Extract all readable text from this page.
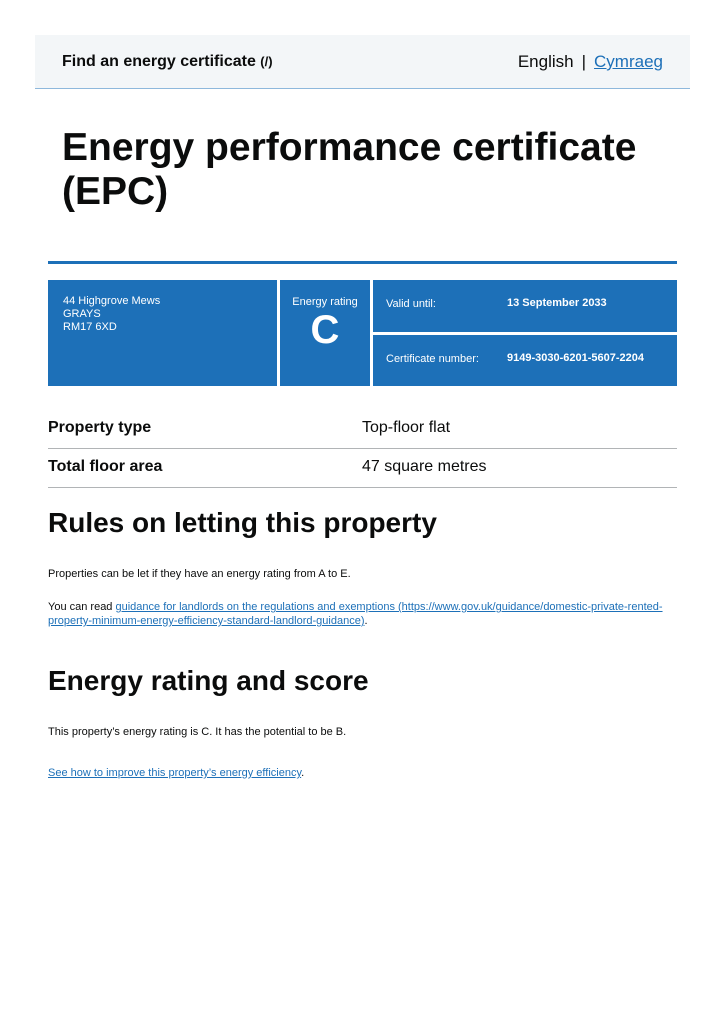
Find an energy certificate (/)	English | Cymraeg
Energy performance certificate (EPC)
44 Highgrove Mews
GRAYS
RM17 6XD
Energy rating
C
Valid until:	13 September 2033
Certificate number:	9149-3030-6201-5607-2204
Property type	Top-floor flat
Total floor area	47 square metres
Rules on letting this property

Properties can be let if they have an energy rating from A to E.

You can read guidance for landlords on the regulations and exemptions (https://www.gov.uk/guidance/domestic-private-rented-property-minimum-energy-efficiency-standard-landlord-guidance).

Energy rating and score

This property’s energy rating is C. It has the potential to be B.

See how to improve this property’s energy efficiency.
